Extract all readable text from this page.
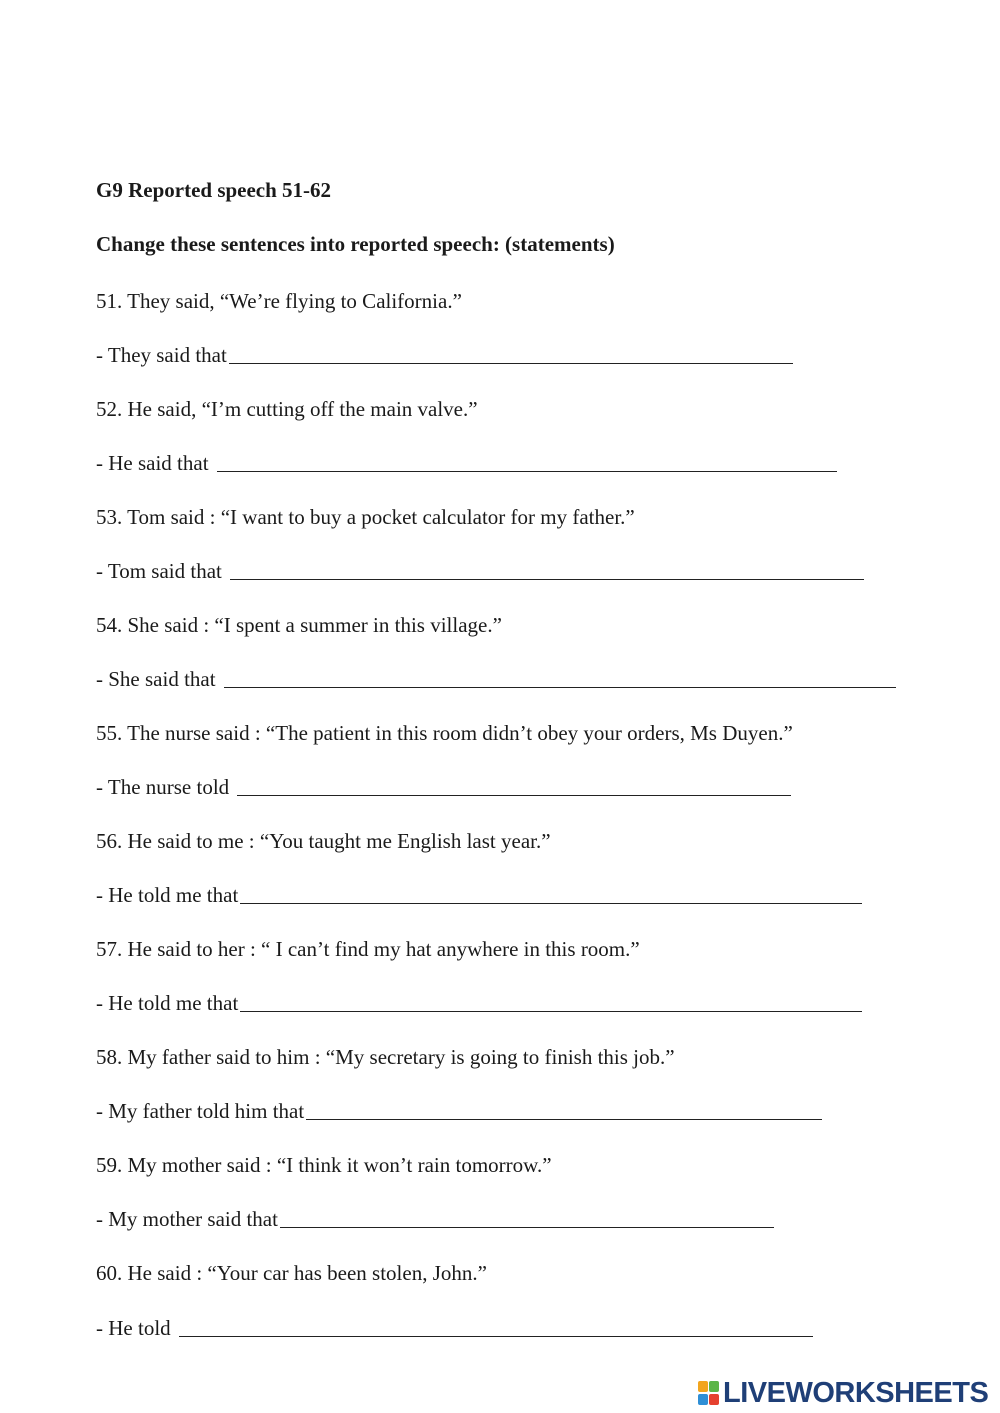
G9 Reported speech 51-62
Change these sentences into reported speech: (statements)
51. They said, “We’re flying to California.”
- They said that
52. He said, “I’m cutting off the main valve.”
- He said that
53. Tom said : “I want to buy a pocket calculator for my father.”
- Tom said that
54. She said : “I spent a summer in this village.”
- She said that
55. The nurse said : “The patient in this room didn’t obey your orders, Ms Duyen.”
- The nurse told
56. He said to me : “You taught me English last year.”
- He told me that
57. He said to her : “ I can’t find my hat anywhere in this room.”
- He told me that
58. My father said to him : “My secretary is going to finish this job.”
- My father told him that
59. My mother said : “I think it won’t rain tomorrow.”
- My mother said that
60. He said : “Your car has been stolen, John.”
- He told
LIVEWORKSHEETS
